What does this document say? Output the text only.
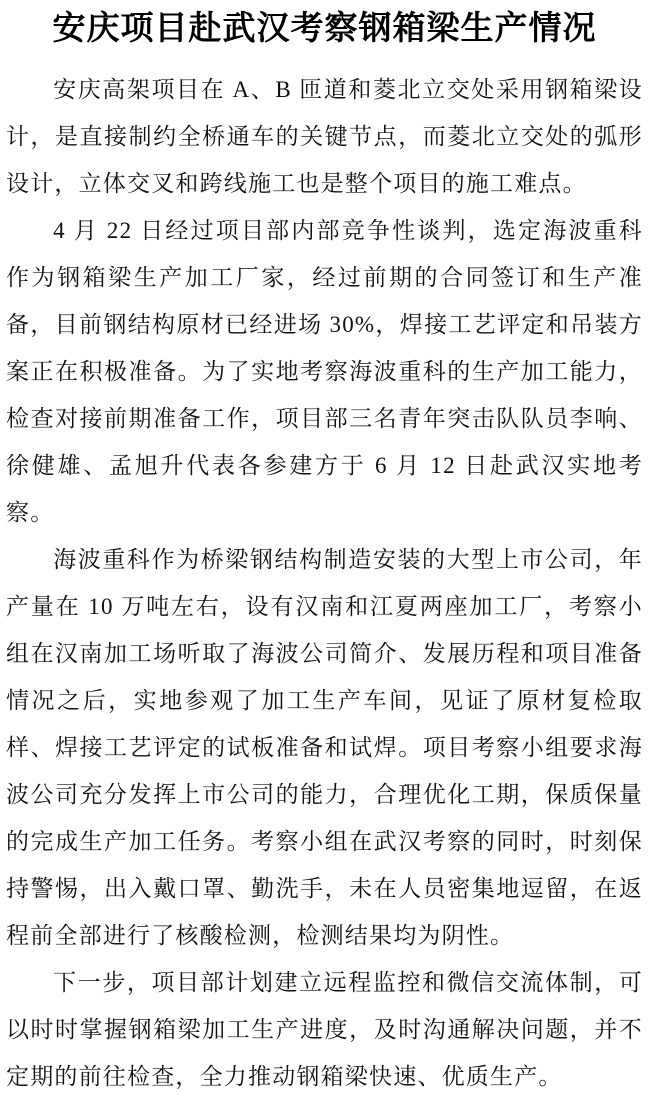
安庆项目赴武汉考察钢箱梁生产情况

安庆高架项目在 A、B 匝道和菱北立交处采用钢箱梁设计，是直接制约全桥通车的关键节点，而菱北立交处的弧形设计，立体交叉和跨线施工也是整个项目的施工难点。

4 月 22 日经过项目部内部竞争性谈判，选定海波重科作为钢箱梁生产加工厂家，经过前期的合同签订和生产准备，目前钢结构原材已经进场 30%，焊接工艺评定和吊装方案正在积极准备。为了实地考察海波重科的生产加工能力，检查对接前期准备工作，项目部三名青年突击队队员李响、徐健雄、孟旭升代表各参建方于 6 月 12 日赴武汉实地考察。

海波重科作为桥梁钢结构制造安装的大型上市公司，年产量在 10 万吨左右，设有汉南和江夏两座加工厂，考察小组在汉南加工场听取了海波公司简介、发展历程和项目准备情况之后，实地参观了加工生产车间，见证了原材复检取样、焊接工艺评定的试板准备和试焊。项目考察小组要求海波公司充分发挥上市公司的能力，合理优化工期，保质保量的完成生产加工任务。考察小组在武汉考察的同时，时刻保持警惕，出入戴口罩、勤洗手，未在人员密集地逗留，在返程前全部进行了核酸检测，检测结果均为阴性。

下一步，项目部计划建立远程监控和微信交流体制，可以时时掌握钢箱梁加工生产进度，及时沟通解决问题，并不定期的前往检查，全力推动钢箱梁快速、优质生产。
